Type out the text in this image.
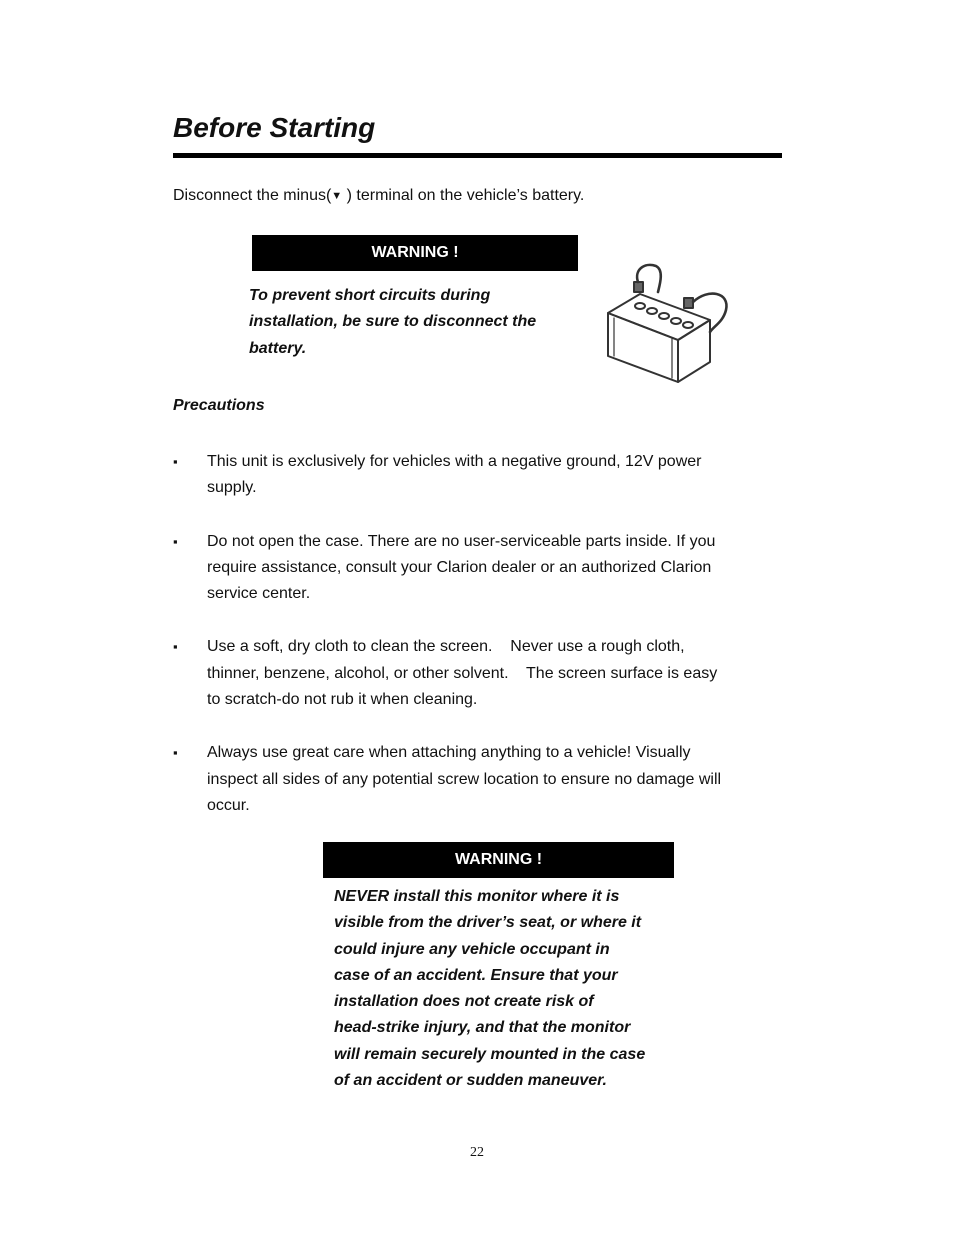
Before Starting
Disconnect the minus(▼ ) terminal on the vehicle’s battery.
WARNING !
To prevent short circuits during
installation, be sure to disconnect the
battery.
Precautions
▪ This unit is exclusively for vehicles with a negative ground, 12V power
supply.
▪ Do not open the case. There are no user-serviceable parts inside. If you
require assistance, consult your Clarion dealer or an authorized Clarion
service center.
▪ Use a soft, dry cloth to clean the screen.    Never use a rough cloth,
thinner, benzene, alcohol, or other solvent.    The screen surface is easy
to scratch-do not rub it when cleaning.
▪ Always use great care when attaching anything to a vehicle! Visually
inspect all sides of any potential screw location to ensure no damage will
occur.
WARNING !
NEVER install this monitor where it is
visible from the driver’s seat, or where it
could injure any vehicle occupant in
case of an accident. Ensure that your
installation does not create risk of
head-strike injury, and that the monitor
will remain securely mounted in the case
of an accident or sudden maneuver.
22
